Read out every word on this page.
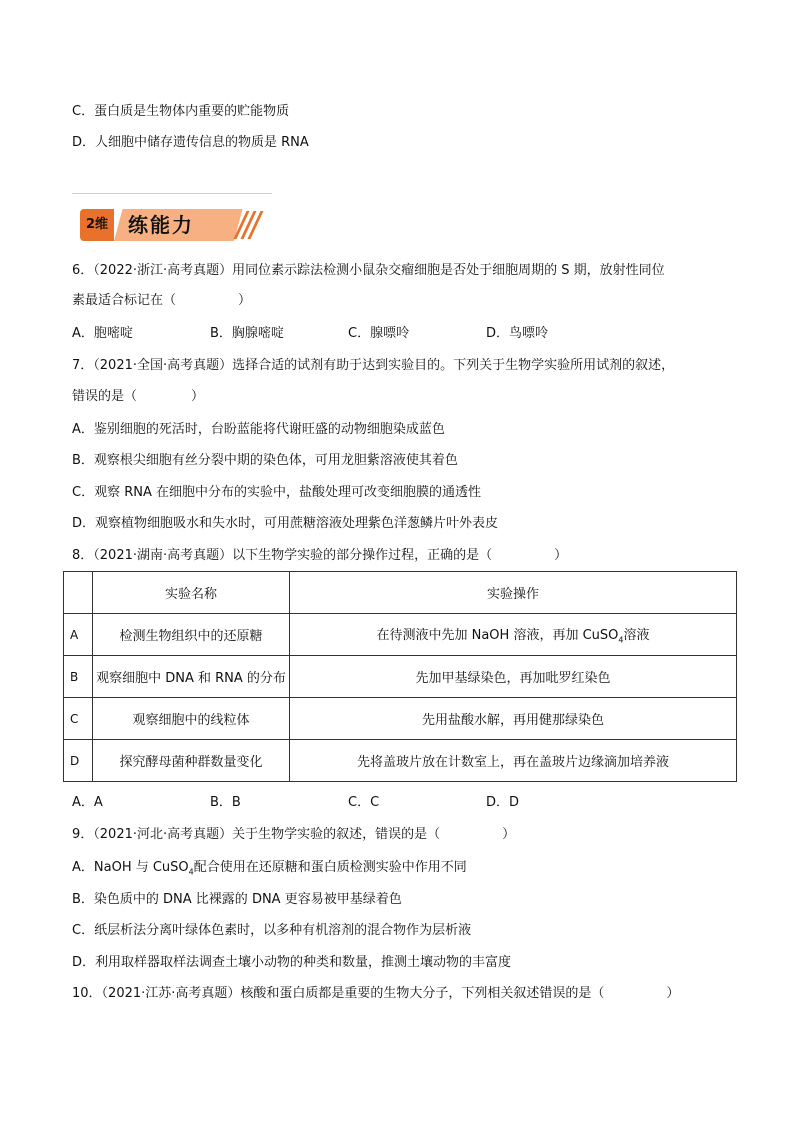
C．蛋白质是生物体内重要的贮能物质
D．人细胞中储存遗传信息的物质是 RNA
2维 练能力
6．（2022·浙江·高考真题）用同位素示踪法检测小鼠杂交瘤细胞是否处于细胞周期的 S 期，放射性同位
素最适合标记在（	）
A．胞嘧啶	B．胸腺嘧啶	C．腺嘌呤	D．鸟嘌呤
7．（2021·全国·高考真题）选择合适的试剂有助于达到实验目的。下列关于生物学实验所用试剂的叙述，
错误的是（	）
A．鉴别细胞的死活时，台盼蓝能将代谢旺盛的动物细胞染成蓝色
B．观察根尖细胞有丝分裂中期的染色体，可用龙胆紫溶液使其着色
C．观察 RNA 在细胞中分布的实验中，盐酸处理可改变细胞膜的通透性
D．观察植物细胞吸水和失水时，可用蔗糖溶液处理紫色洋葱鳞片叶外表皮
8．（2021·湖南·高考真题）以下生物学实验的部分操作过程，正确的是（	）
	实验名称	实验操作
A	检测生物组织中的还原糖	在待测液中先加 NaOH 溶液，再加 CuSO$_4$溶液
B	观察细胞中 DNA 和 RNA 的分布	先加甲基绿染色，再加吡罗红染色
C	观察细胞中的线粒体	先用盐酸水解，再用健那绿染色
D	探究酵母菌种群数量变化	先将盖玻片放在计数室上，再在盖玻片边缘滴加培养液
A．A	B．B	C．C	D．D
9．（2021·河北·高考真题）关于生物学实验的叙述，错误的是（	）
A．NaOH 与 CuSO$_4$配合使用在还原糖和蛋白质检测实验中作用不同
B．染色质中的 DNA 比裸露的 DNA 更容易被甲基绿着色
C．纸层析法分离叶绿体色素时，以多种有机溶剂的混合物作为层析液
D．利用取样器取样法调查土壤小动物的种类和数量，推测土壤动物的丰富度
10．（2021·江苏·高考真题）核酸和蛋白质都是重要的生物大分子，下列相关叙述错误的是（	）
